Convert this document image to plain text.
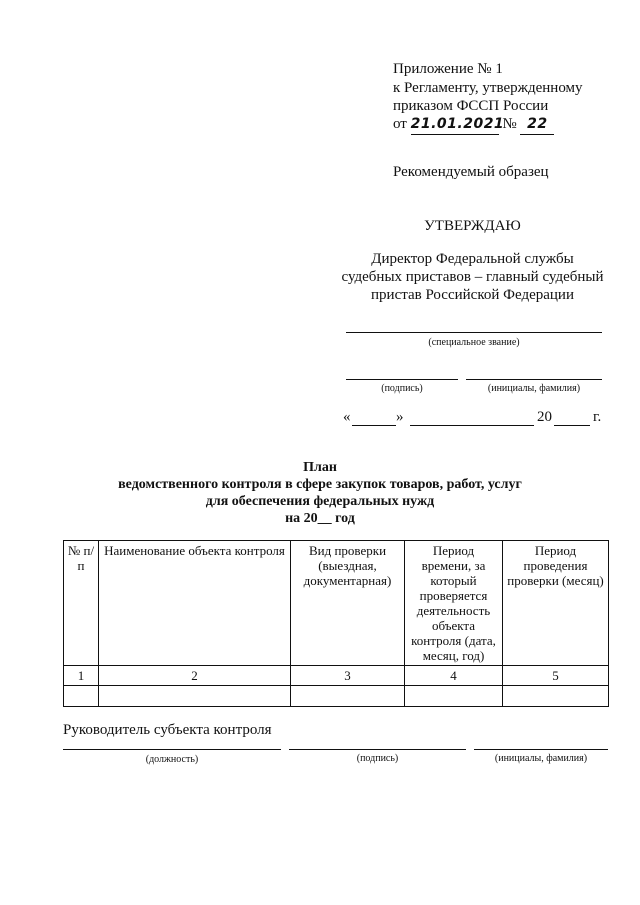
Приложение № 1
к Регламенту, утвержденному
приказом ФССП России
от 21.01.2021 № 22
Рекомендуемый образец
УТВЕРЖДАЮ
Директор Федеральной службы
судебных приставов – главный судебный
пристав Российской Федерации
(специальное звание)
(подпись)	(инициалы, фамилия)
«	»	20	г.
План
ведомственного контроля в сфере закупок товаров, работ, услуг
для обеспечения федеральных нужд
на 20__ год
№ п/п	Наименование объекта контроля	Вид проверки (выездная, документарная)	Период времени, за который проверяется деятельность объекта контроля (дата, месяц, год)	Период проведения проверки (месяц)
1	2	3	4	5

Руководитель субъекта контроля
(должность)	(подпись)	(инициалы, фамилия)
